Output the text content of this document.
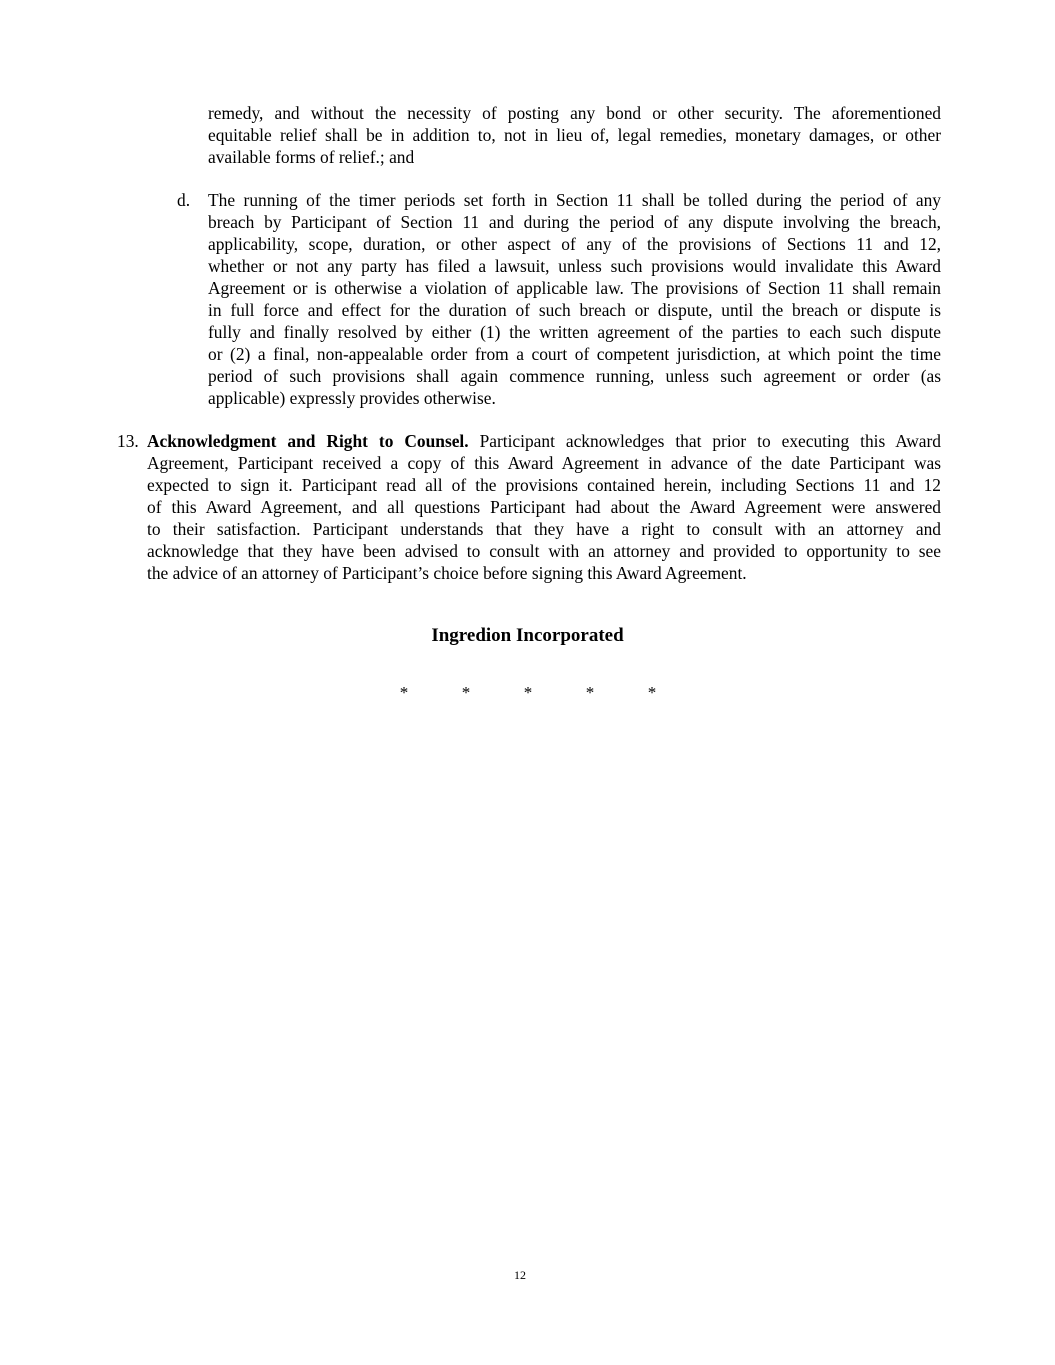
remedy, and without the necessity of posting any bond or other security. The aforementioned
equitable relief shall be in addition to, not in lieu of, legal remedies, monetary damages, or other
available forms of relief.; and
d. The running of the timer periods set forth in Section 11 shall be tolled during the period of any
breach by Participant of Section 11 and during the period of any dispute involving the breach,
applicability, scope, duration, or other aspect of any of the provisions of Sections 11 and 12,
whether or not any party has filed a lawsuit, unless such provisions would invalidate this Award
Agreement or is otherwise a violation of applicable law. The provisions of Section 11 shall remain
in full force and effect for the duration of such breach or dispute, until the breach or dispute is
fully and finally resolved by either (1) the written agreement of the parties to each such dispute
or (2) a final, non-appealable order from a court of competent jurisdiction, at which point the time
period of such provisions shall again commence running, unless such agreement or order (as
applicable) expressly provides otherwise.
13. Acknowledgment and Right to Counsel. Participant acknowledges that prior to executing this Award
Agreement, Participant received a copy of this Award Agreement in advance of the date Participant was
expected to sign it. Participant read all of the provisions contained herein, including Sections 11 and 12
of this Award Agreement, and all questions Participant had about the Award Agreement were answered
to their satisfaction. Participant understands that they have a right to consult with an attorney and
acknowledge that they have been advised to consult with an attorney and provided to opportunity to see
the advice of an attorney of Participant’s choice before signing this Award Agreement.
Ingredion Incorporated
*	*	*	*	*
12
